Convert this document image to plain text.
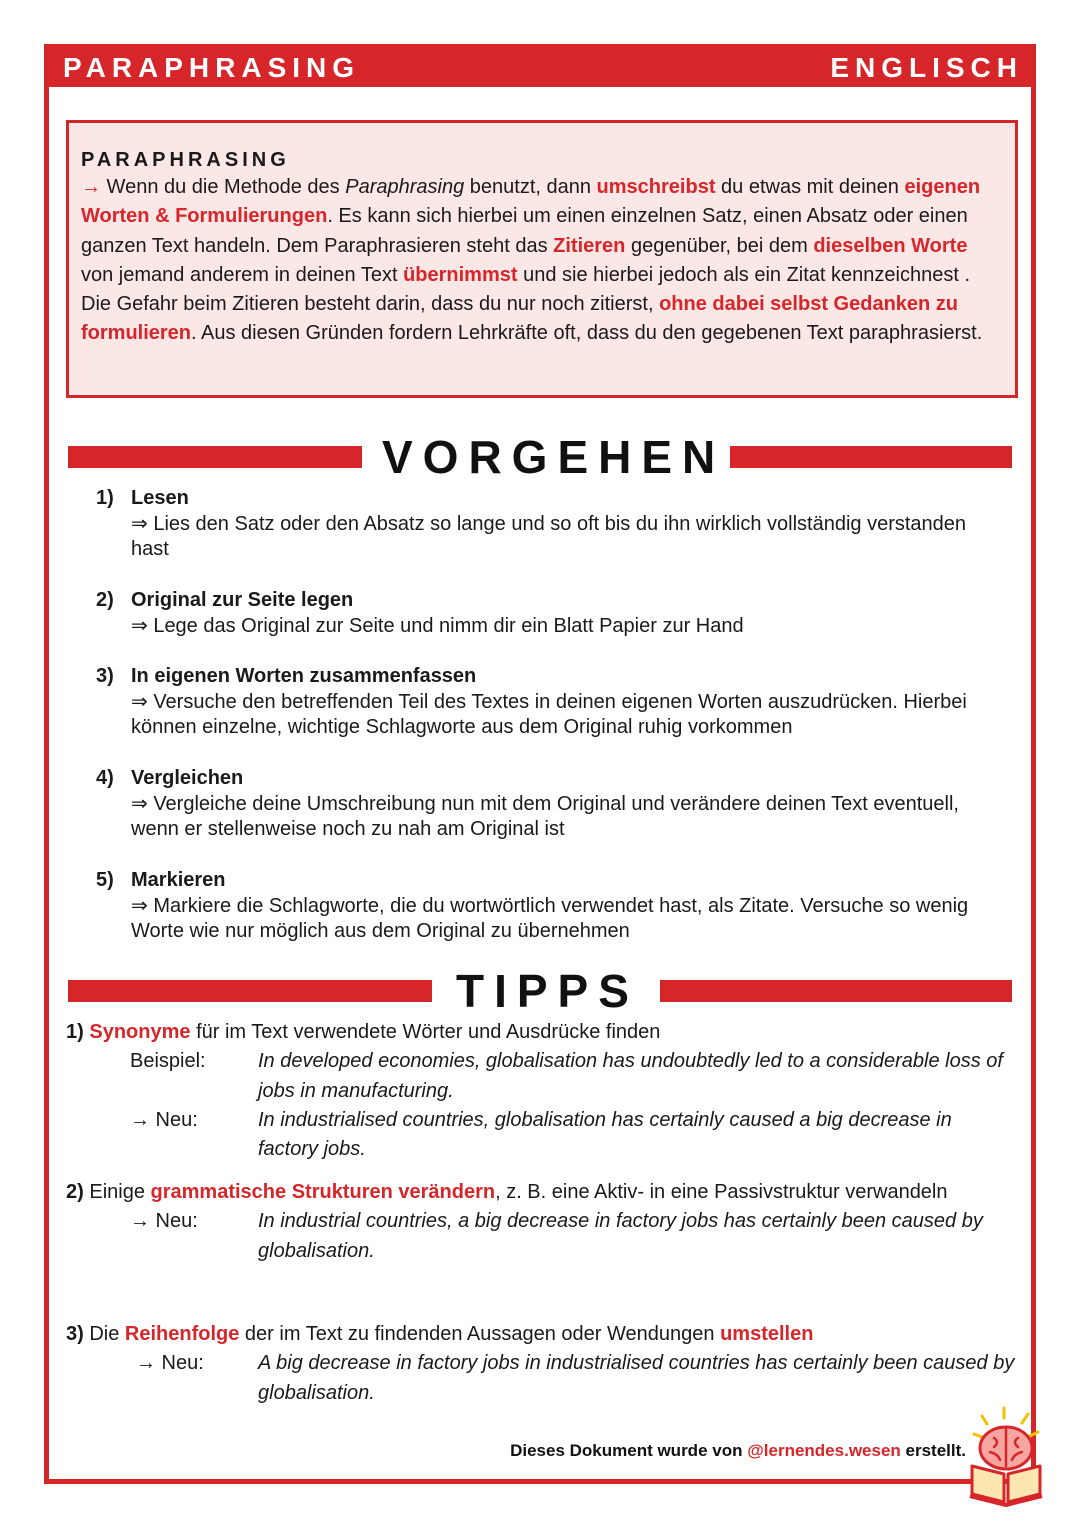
PARAPHRASING	ENGLISCH
PARAPHRASING

→ Wenn du die Methode des Paraphrasing benutzt, dann umschreibst du etwas mit deinen eigenen Worten & Formulierungen. Es kann sich hierbei um einen einzelnen Satz, einen Absatz oder einen ganzen Text handeln. Dem Paraphrasieren steht das Zitieren gegenüber, bei dem dieselben Worte von jemand anderem in deinen Text übernimmst und sie hierbei jedoch als ein Zitat kennzeichnest . Die Gefahr beim Zitieren besteht darin, dass du nur noch zitierst, ohne dabei selbst Gedanken zu formulieren. Aus diesen Gründen fordern Lehrkräfte oft, dass du den gegebenen Text paraphrasierst.

VORGEHEN
1) Lesen
⇒ Lies den Satz oder den Absatz so lange und so oft bis du ihn wirklich vollständig verstanden hast
2) Original zur Seite legen
⇒ Lege das Original zur Seite und nimm dir ein Blatt Papier zur Hand
3) In eigenen Worten zusammenfassen
⇒ Versuche den betreffenden Teil des Textes in deinen eigenen Worten auszudrücken. Hierbei können einzelne, wichtige Schlagworte aus dem Original ruhig vorkommen
4) Vergleichen
⇒ Vergleiche deine Umschreibung nun mit dem Original und verändere deinen Text eventuell, wenn er stellenweise noch zu nah am Original ist
5) Markieren
⇒ Markiere die Schlagworte, die du wortwörtlich verwendet hast, als Zitate. Versuche so wenig Worte wie nur möglich aus dem Original zu übernehmen
TIPPS
1) Synonyme für im Text verwendete Wörter und Ausdrücke finden
Beispiel:	In developed economies, globalisation has undoubtedly led to a considerable loss of jobs in manufacturing.
→ Neu:	In industrialised countries, globalisation has certainly caused a big decrease in factory jobs.
2) Einige grammatische Strukturen verändern, z. B. eine Aktiv- in eine Passivstruktur verwandeln
→ Neu:	In industrial countries, a big decrease in factory jobs has certainly been caused by globalisation.
3) Die Reihenfolge der im Text zu findenden Aussagen oder Wendungen umstellen
→ Neu:	A big decrease in factory jobs in industrialised countries has certainly been caused by globalisation.
Dieses Dokument wurde von @lernendes.wesen erstellt.
